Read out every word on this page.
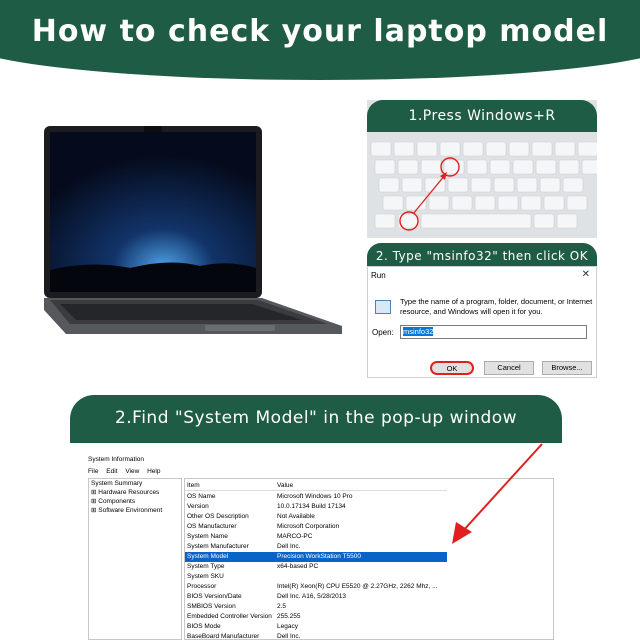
How to check your laptop model
1.Press Windows+R
2. Type "msinfo32" then click OK
Run	✕
Type the name of a program, folder, document, or Internet resource, and Windows will open it for you.
Open:	msinfo32
OK	Cancel	Browse...
2.Find "System Model" in the pop-up window
System Information
File Edit View Help
System Summary
⊞ Hardware Resources
⊞ Components
⊞ Software Environment
Item	Value
OS Name	Microsoft Windows 10 Pro
Version	10.0.17134 Build 17134
Other OS Description	Not Available
OS Manufacturer	Microsoft Corporation
System Name	MARCO-PC
System Manufacturer	Dell Inc.
System Model	Precision WorkStation T5500
System Type	x64-based PC
System SKU
Processor	Intel(R) Xeon(R) CPU E5520 @ 2.27GHz, 2262 Mhz, ...
BIOS Version/Date	Dell Inc. A16, 5/28/2013
SMBIOS Version	2.5
Embedded Controller Version 255.255
BIOS Mode	Legacy
BaseBoard Manufacturer	Dell Inc.
